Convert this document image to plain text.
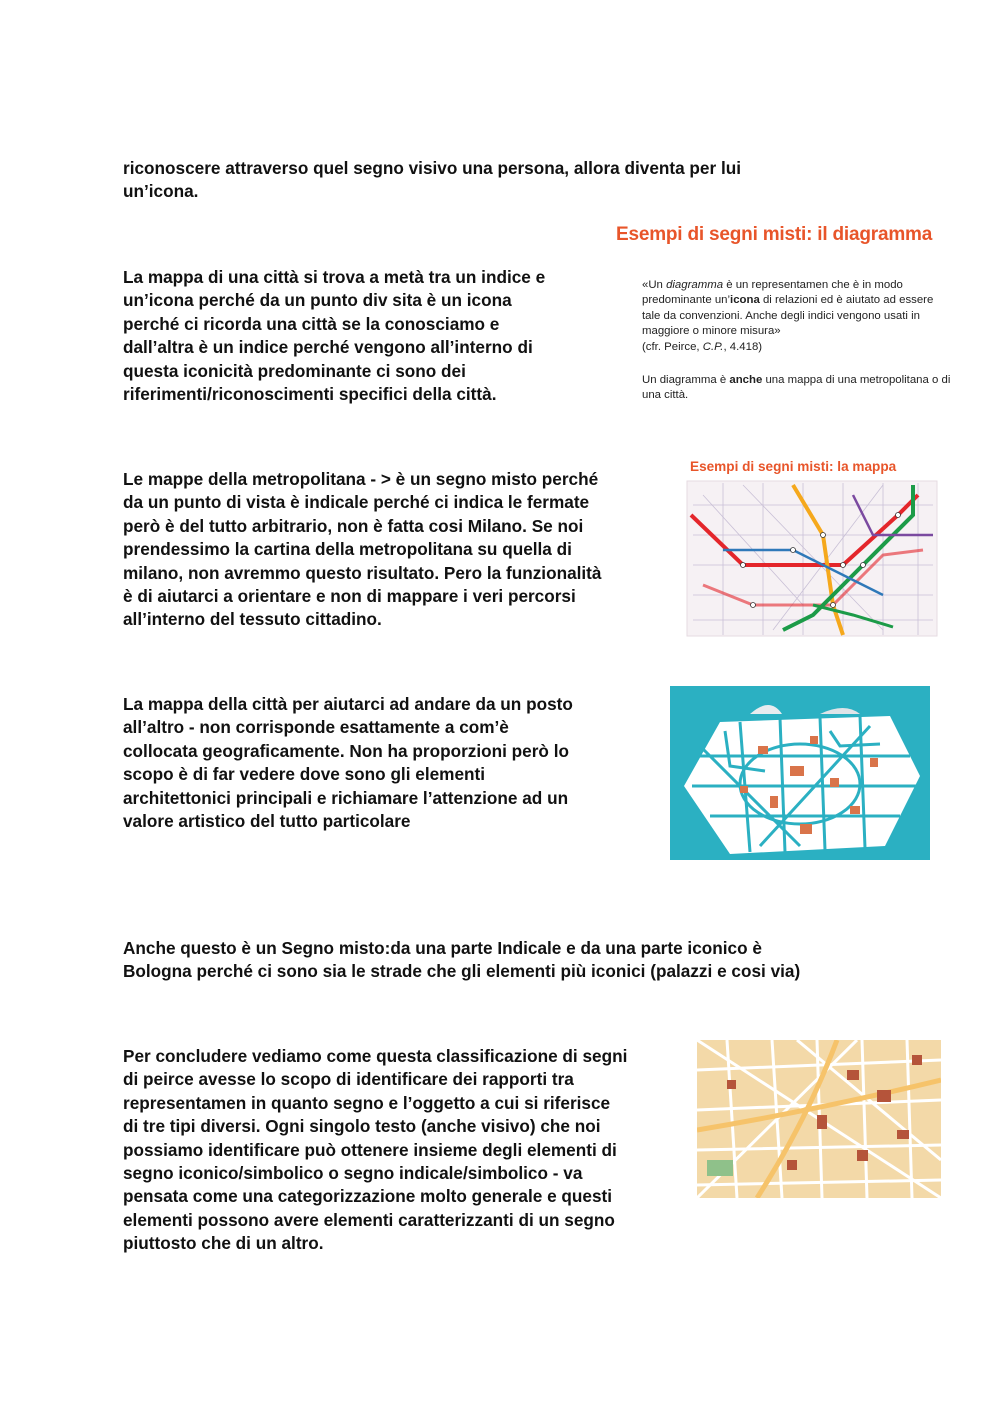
riconoscere attraverso quel segno visivo una persona, allora diventa per lui
un’icona.

La mappa di una città si trova a metà tra un indice e
un’icona perché da un punto div sita è un icona
perché ci ricorda una città se la conosciamo e
dall’altra è un indice perché vengono all’interno di
questa iconicità predominante ci sono dei
riferimenti/riconoscimenti specifici della città.

Esempi di segni misti: il diagramma

«Un diagramma è un representamen che è in modo
predominante un’icona di relazioni ed è aiutato ad essere
tale da convenzioni. Anche degli indici vengono usati in
maggiore o minore misura»
(cfr. Peirce, C.P., 4.418)

Un diagramma è anche una mappa di una metropolitana o di una città.

Le mappe della metropolitana - > è un segno misto perché
da un punto di vista è indicale perché ci indica le fermate
però è del tutto arbitrario, non è fatta cosi Milano. Se noi
prendessimo la cartina della metropolitana su quella di
milano, non avremmo questo risultato. Pero la funzionalità
è di aiutarci a orientare e non di mappare i veri percorsi
all’interno del tessuto cittadino.

Esempi di segni misti: la mappa

La mappa della città per aiutarci ad andare da un posto
all’altro - non corrisponde esattamente a com’è
collocata geograficamente. Non ha proporzioni però lo
scopo è di far vedere dove sono gli elementi
architettonici principali e richiamare l’attenzione ad un
valore artistico del tutto particolare

Anche questo è un Segno misto:da una parte Indicale e da una parte iconico è
Bologna perché ci sono sia le strade che gli elementi più iconici (palazzi e cosi via)

Per concludere vediamo come questa classificazione di segni
di peirce avesse lo scopo di identificare dei rapporti tra
representamen in quanto segno e l’oggetto a cui si riferisce
di tre tipi diversi. Ogni singolo testo (anche visivo) che noi
possiamo identificare può ottenere insieme degli elementi di
segno iconico/simbolico o segno indicale/simbolico - va
pensata come una categorizzazione molto generale e questi
elementi possono avere elementi caratterizzanti di un segno
piuttosto che di un altro.
